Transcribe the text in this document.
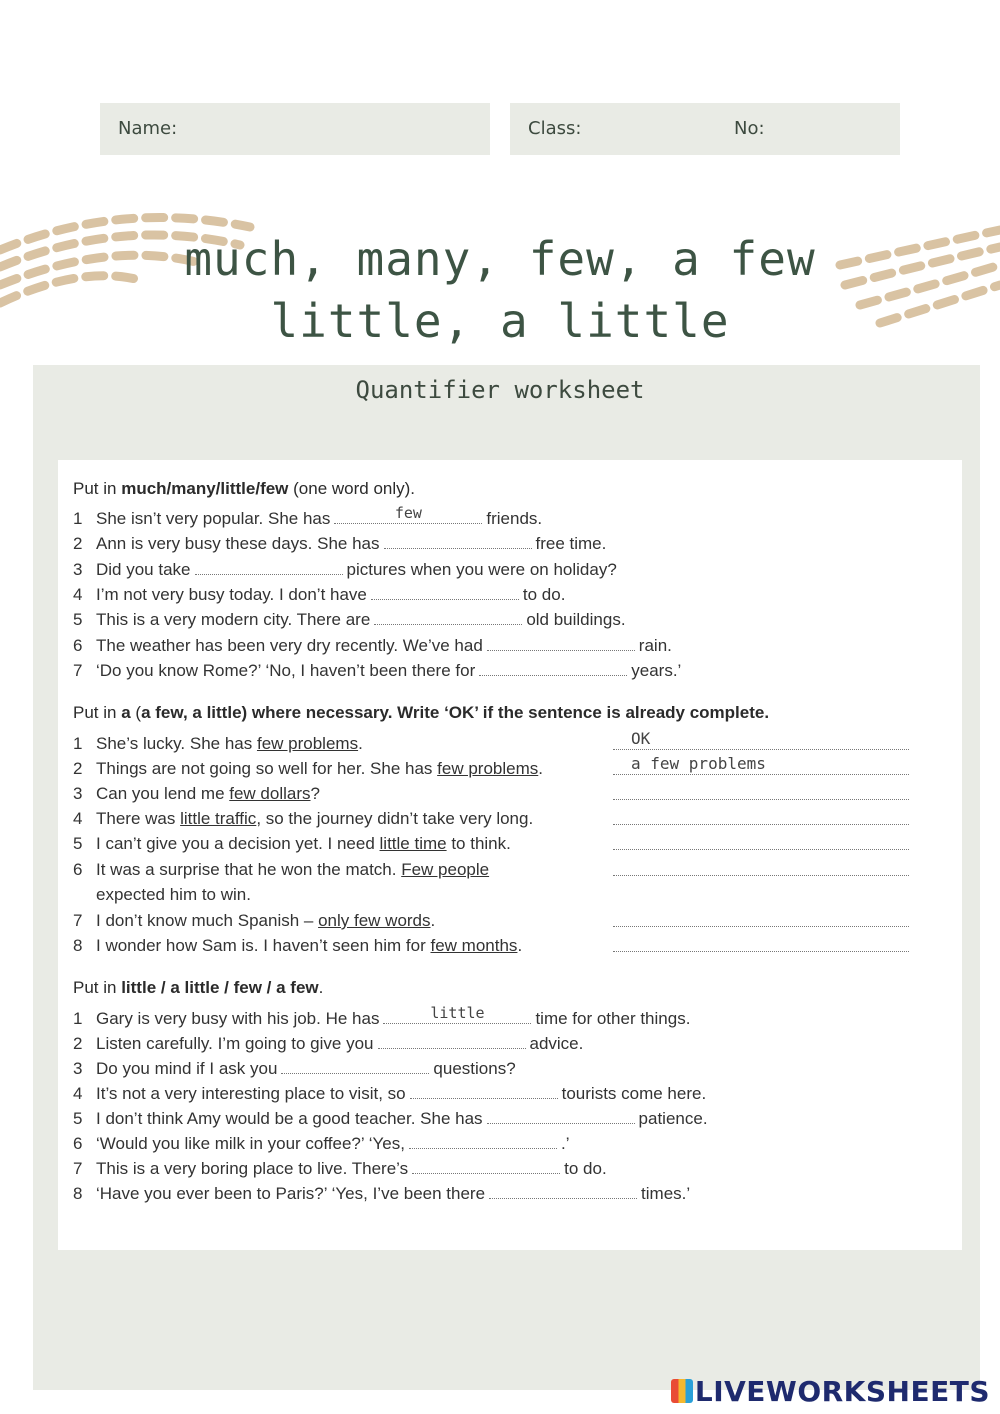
Name:	Class:	No:
much, many, few, a few
little, a little
Quantifier worksheet
Put in much/many/little/few (one word only).
1 She isn’t very popular. She has	few	friends.
2 Ann is very busy these days. She has	free time.
3 Did you take	pictures when you were on holiday?
4 I’m not very busy today. I don’t have	to do.
5 This is a very modern city. There are	old buildings.
6 The weather has been very dry recently. We’ve had	rain.
7 ‘Do you know Rome?’ ‘No, I haven’t been there for	years.’
Put in a (a few, a little) where necessary. Write ‘OK’ if the sentence is already complete.
1 She’s lucky. She has few problems.	OK
2 Things are not going so well for her. She has few problems.	a few problems
3 Can you lend me few dollars?
4 There was little traffic, so the journey didn’t take very long.
5 I can’t give you a decision yet. I need little time to think.
6 It was a surprise that he won the match. Few people
expected him to win.
7 I don’t know much Spanish – only few words.
8 I wonder how Sam is. I haven’t seen him for few months.
Put in little / a little / few / a few.
1 Gary is very busy with his job. He has	little	time for other things.
2 Listen carefully. I’m going to give you	advice.
3 Do you mind if I ask you	questions?
4 It’s not a very interesting place to visit, so	tourists come here.
5 I don’t think Amy would be a good teacher. She has	patience.
6 ‘Would you like milk in your coffee?’ ‘Yes,	.’
7 This is a very boring place to live. There’s	to do.
8 ‘Have you ever been to Paris?’ ‘Yes, I’ve been there	times.’
LIVEWORKSHEETS
